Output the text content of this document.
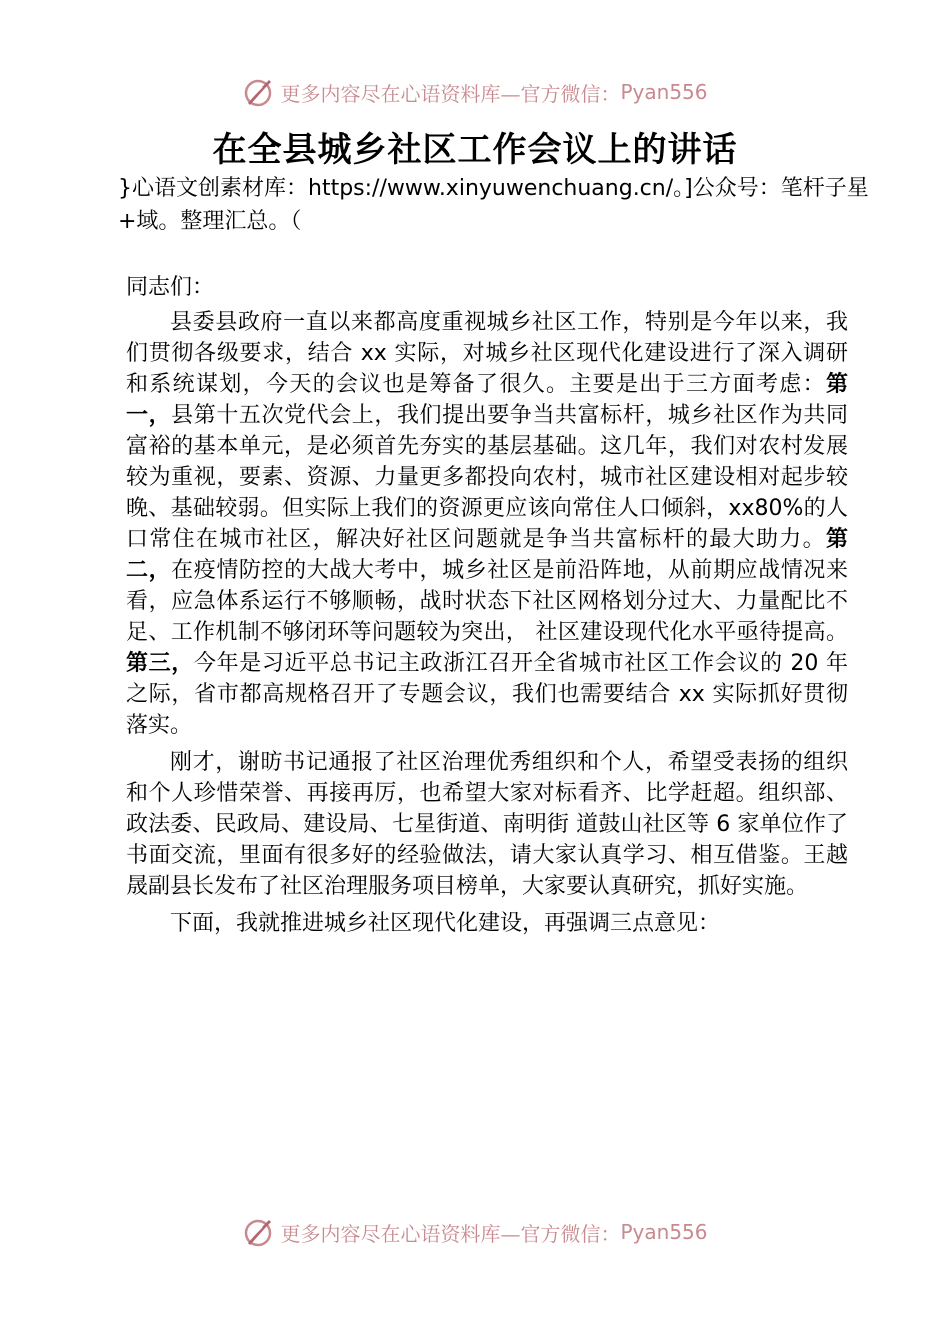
更多内容尽在心语资料库—官方微信： Pyan556
在全县城乡社区工作会议上的讲话

}心语文创素材库：https://www.xinyuwenchuang.cn/。]公众号：笔杆子星+域。整理汇总。（

同志们：

县委县政府一直以来都高度重视城乡社区工作，特别是今年以来，我们贯彻各级要求，结合 xx 实际，对城乡社区现代化建设进行了深入调研和系统谋划，今天的会议也是筹备了很久。主要是出于三方面考虑：第一，县第十五次党代会上，我们提出要争当共富标杆，城乡社区作为共同富裕的基本单元，是必须首先夯实的基层基础。这几年，我们对农村发展较为重视，要素、资源、力量更多都投向农村，城市社区建设相对起步较晚、基础较弱。但实际上我们的资源更应该向常住人口倾斜，xx80%的人口常住在城市社区，解决好社区问题就是争当共富标杆的最大助力。第二，在疫情防控的大战大考中，城乡社区是前沿阵地，从前期应战情况来看，应急体系运行不够顺畅，战时状态下社区网格划分过大、力量配比不足、工作机制不够闭环等问题较为突出， 社区建设现代化水平亟待提高。第三，今年是习近平总书记主政浙江召开全省城市社区工作会议的 20 年之际，省市都高规格召开了专题会议，我们也需要结合 xx 实际抓好贯彻落实。

刚才，谢昉书记通报了社区治理优秀组织和个人，希望受表扬的组织和个人珍惜荣誉、再接再厉，也希望大家对标看齐、比学赶超。组织部、政法委、民政局、建设局、七星街道、南明街 道鼓山社区等 6 家单位作了书面交流，里面有很多好的经验做法，请大家认真学习、相互借鉴。王越晟副县长发布了社区治理服务项目榜单，大家要认真研究，抓好实施。

下面，我就推进城乡社区现代化建设，再强调三点意见：

更多内容尽在心语资料库—官方微信： Pyan556
